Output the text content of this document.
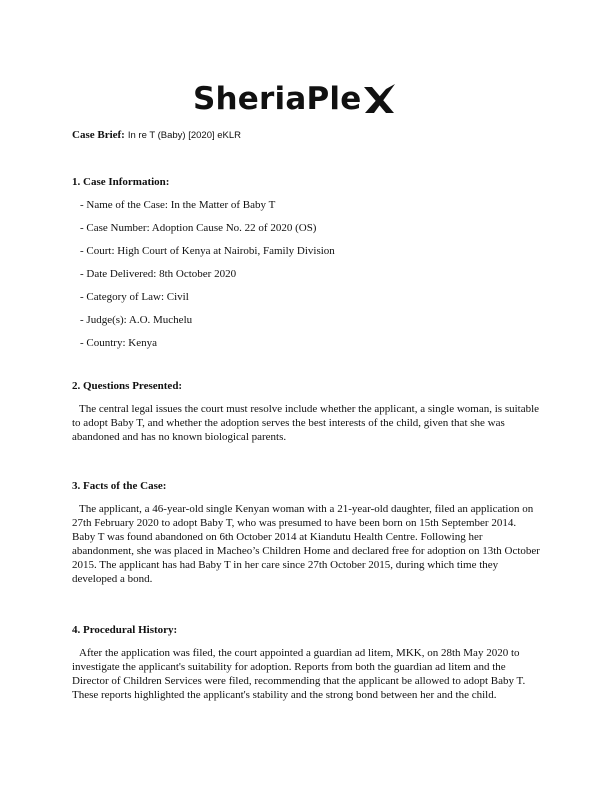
SheriaPle
Case Brief: In re T (Baby) [2020] eKLR

1. Case Information:

- Name of the Case: In the Matter of Baby T
- Case Number: Adoption Cause No. 22 of 2020 (OS)
- Court: High Court of Kenya at Nairobi, Family Division
- Date Delivered: 8th October 2020
- Category of Law: Civil
- Judge(s): A.O. Muchelu
- Country: Kenya

2. Questions Presented:

The central legal issues the court must resolve include whether the applicant, a single woman, is suitable to adopt Baby T, and whether the adoption serves the best interests of the child, given that she was abandoned and has no known biological parents.

3. Facts of the Case:

The applicant, a 46-year-old single Kenyan woman with a 21-year-old daughter, filed an application on 27th February 2020 to adopt Baby T, who was presumed to have been born on 15th September 2014. Baby T was found abandoned on 6th October 2014 at Kiandutu Health Centre. Following her abandonment, she was placed in Macheo’s Children Home and declared free for adoption on 13th October 2015. The applicant has had Baby T in her care since 27th October 2015, during which time they developed a bond.

4. Procedural History:

After the application was filed, the court appointed a guardian ad litem, MKK, on 28th May 2020 to investigate the applicant's suitability for adoption. Reports from both the guardian ad litem and the Director of Children Services were filed, recommending that the applicant be allowed to adopt Baby T. These reports highlighted the applicant's stability and the strong bond between her and the child.
